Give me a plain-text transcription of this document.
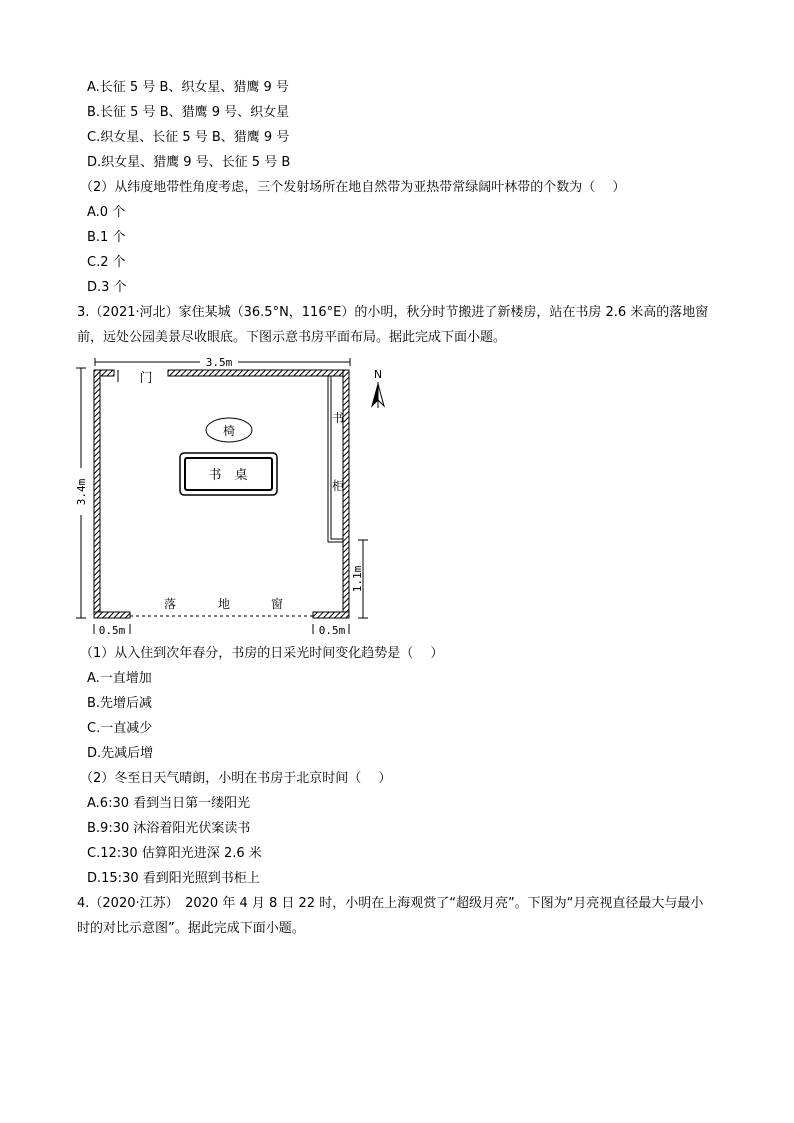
A.长征 5 号 B、织女星、猎鹰 9 号
B.长征 5 号 B、猎鹰 9 号、织女星
C.织女星、长征 5 号 B、猎鹰 9 号
D.织女星、猎鹰 9 号、长征 5 号 B
（2）从纬度地带性角度考虑，三个发射场所在地自然带为亚热带常绿阔叶林带的个数为（　 ）
A.0 个
B.1 个
C.2 个
D.3 个
3.（2021·河北）家住某城（36.5°N，116°E）的小明，秋分时节搬进了新楼房，站在书房 2.6 米高的落地窗
前，远处公园美景尽收眼底。下图示意书房平面布局。据此完成下面小题。
3.5m
3.4m
门
书
柜
椅
书　桌
落	地	窗
1.1m
0.5m	0.5m
N
（1）从入住到次年春分，书房的日采光时间变化趋势是（　 ）
A.一直增加
B.先增后减
C.一直减少
D.先减后增
（2）冬至日天气晴朗，小明在书房于北京时间（　 ）
A.6:30 看到当日第一缕阳光
B.9:30 沐浴着阳光伏案读书
C.12:30 估算阳光进深 2.6 米
D.15:30 看到阳光照到书柜上
4.（2020·江苏）　2020 年 4 月 8 日 22 时，小明在上海观赏了“超级月亮”。下图为“月亮视直径最大与最小
时的对比示意图”。据此完成下面小题。
